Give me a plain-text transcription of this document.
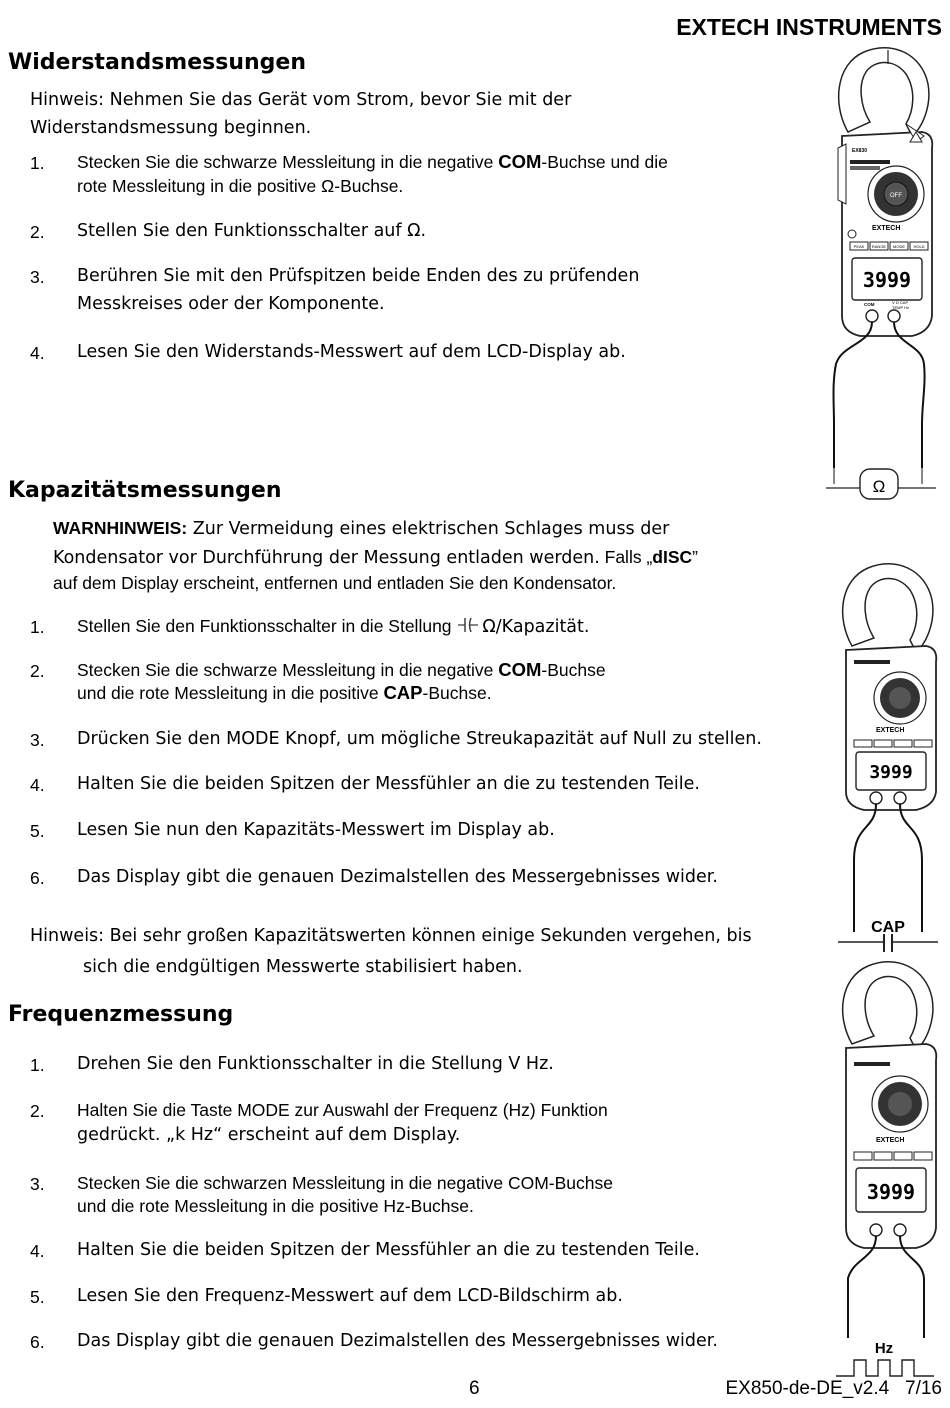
EXTECH INSTRUMENTS
Widerstandsmessungen
Hinweis: Nehmen Sie das Gerät vom Strom, bevor Sie mit der
Widerstandsmessung beginnen.
1. Stecken Sie die schwarze Messleitung in die negative COM-Buchse und die
rote Messleitung in die positive Ω-Buchse.
2. Stellen Sie den Funktionsschalter auf Ω.
3. Berühren Sie mit den Prüfspitzen beide Enden des zu prüfenden
Messkreises oder der Komponente.
4. Lesen Sie den Widerstands-Messwert auf dem LCD-Display ab.
Kapazitätsmessungen
WARNHINWEIS: Zur Vermeidung eines elektrischen Schlages muss der
Kondensator vor Durchführung der Messung entladen werden. Falls „dISC”
auf dem Display erscheint, entfernen und entladen Sie den Kondensator.
1. Stellen Sie den Funktionsschalter in die Stellung Ω/Kapazität.
2. Stecken Sie die schwarze Messleitung in die negative COM-Buchse
und die rote Messleitung in die positive CAP-Buchse.
3. Drücken Sie den MODE Knopf, um mögliche Streukapazität auf Null zu stellen.
4. Halten Sie die beiden Spitzen der Messfühler an die zu testenden Teile.
5. Lesen Sie nun den Kapazitäts-Messwert im Display ab.
6. Das Display gibt die genauen Dezimalstellen des Messergebnisses wider.
Hinweis: Bei sehr großen Kapazitätswerten können einige Sekunden vergehen, bis
sich die endgültigen Messwerte stabilisiert haben.
Frequenzmessung
1. Drehen Sie den Funktionsschalter in die Stellung V Hz.
2. Halten Sie die Taste MODE zur Auswahl der Frequenz (Hz) Funktion
gedrückt. „k Hz“ erscheint auf dem Display.
3. Stecken Sie die schwarzen Messleitung in die negative COM-Buchse
und die rote Messleitung in die positive Hz-Buchse.
4. Halten Sie die beiden Spitzen der Messfühler an die zu testenden Teile.
5. Lesen Sie den Frequenz-Messwert auf dem LCD-Bildschirm ab.
6. Das Display gibt die genauen Dezimalstellen des Messergebnisses wider.
6	EX850-de-DE_v2.4   7/16
EX830
OFF
EXTECH
PEAK RANGE MODE HOLD
3999
COM	V Ω CAP
TEMP Hz
Ω
EXTECH
3999
CAP
EXTECH
3999
Hz
